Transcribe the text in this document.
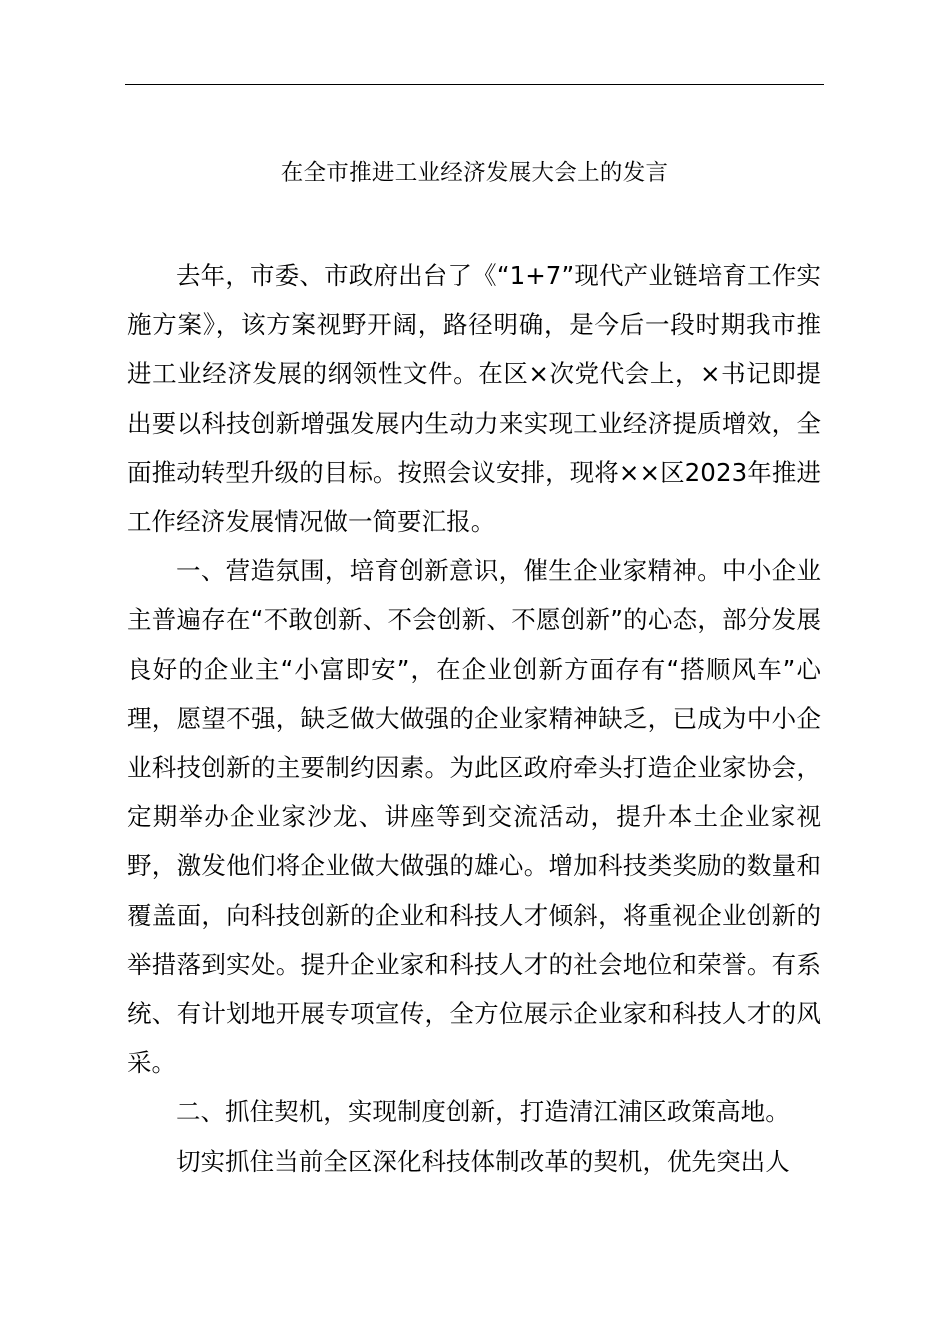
在全市推进工业经济发展大会上的发言

去年，市委、市政府出台了《“1+7”现代产业链培育工作实施方案》，该方案视野开阔，路径明确，是今后一段时期我市推进工业经济发展的纲领性文件。在区×次党代会上，×书记即提出要以科技创新增强发展内生动力来实现工业经济提质增效，全面推动转型升级的目标。按照会议安排，现将××区2023年推进工作经济发展情况做一简要汇报。

一、营造氛围，培育创新意识，催生企业家精神。中小企业主普遍存在“不敢创新、不会创新、不愿创新”的心态，部分发展良好的企业主“小富即安”，在企业创新方面存有“搭顺风车”心理，愿望不强，缺乏做大做强的企业家精神缺乏，已成为中小企业科技创新的主要制约因素。为此区政府牵头打造企业家协会，定期举办企业家沙龙、讲座等到交流活动，提升本土企业家视野，激发他们将企业做大做强的雄心。增加科技类奖励的数量和覆盖面，向科技创新的企业和科技人才倾斜，将重视企业创新的举措落到实处。提升企业家和科技人才的社会地位和荣誉。有系统、有计划地开展专项宣传，全方位展示企业家和科技人才的风采。

二、抓住契机，实现制度创新，打造清江浦区政策高地。

切实抓住当前全区深化科技体制改革的契机，优先突出人
